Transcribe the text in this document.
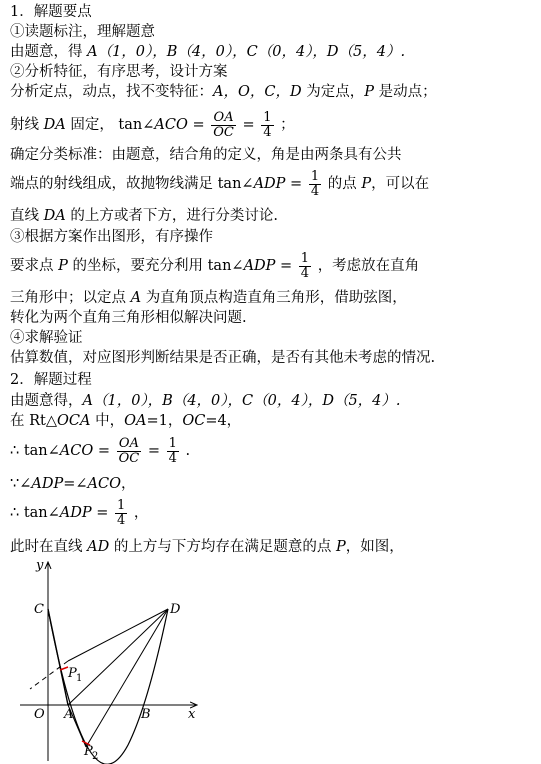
1．解题要点
①读题标注，理解题意
由题意，得 A（1，0），B（4，0），C（0，4），D（5，4）.
②分析特征，有序思考，设计方案
分析定点，动点，找不变特征：A，O，C，D 为定点，P 是动点；
射线 DA 固定， tan∠ACO = $\frac{OA}{OC} = \frac{1}{4}$ ；
确定分类标准：由题意，结合角的定义，角是由两条具有公共
端点的射线组成，故抛物线满足 tan∠ADP = $\frac{1}{4}$ 的点 P，可以在
直线 DA 的上方或者下方，进行分类讨论.
③根据方案作出图形，有序操作
要求点 P 的坐标，要充分利用 tan∠ADP = $\frac{1}{4}$ ，考虑放在直角
三角形中；以定点 A 为直角顶点构造直角三角形，借助弦图，
转化为两个直角三角形相似解决问题.
④求解验证
估算数值，对应图形判断结果是否正确，是否有其他未考虑的情况.
2．解题过程
由题意得，A（1，0），B（4，0），C（0，4），D（5，4）.
在 Rt△OCA 中，OA=1，OC=4，
∴ tan∠ACO = $\frac{OA}{OC} = \frac{1}{4}$ .
∵∠ADP=∠ACO，
∴ tan∠ADP = $\frac{1}{4}$ ，
此时在直线 AD 的上方与下方均存在满足题意的点 P，如图，
y
x
C	D
O A	B
P 1
P 2
